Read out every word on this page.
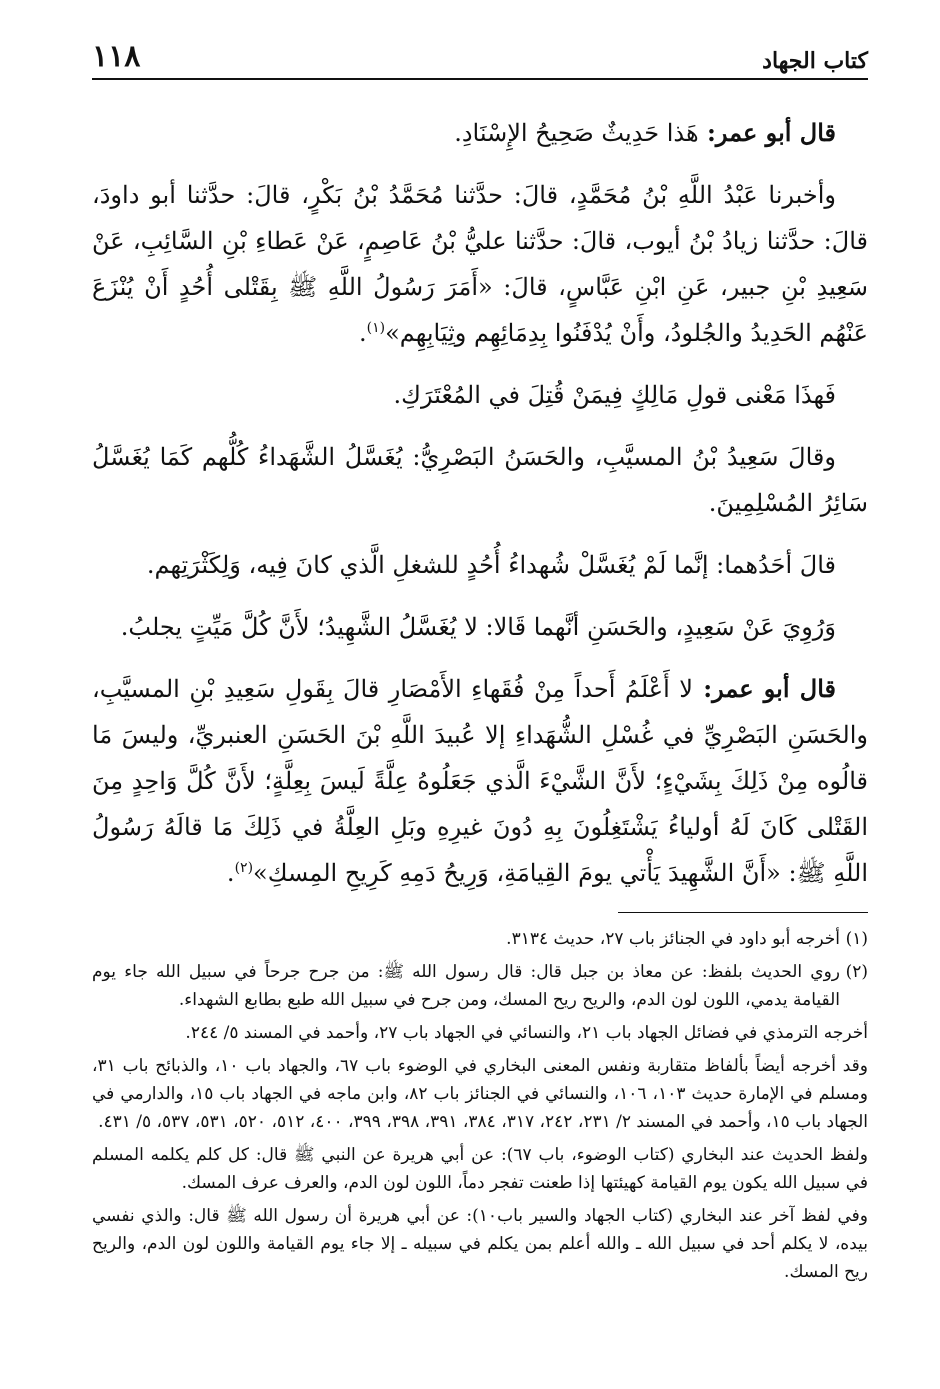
كتاب الجهاد
١١٨

قال أبو عمر: هَذا حَدِيثٌ صَحِيحُ الإِسْنَادِ.

وأخبرنا عَبْدُ اللَّهِ بْنُ مُحَمَّدٍ، قالَ: حدَّثنا مُحَمَّدُ بْنُ بَكْرٍ، قالَ: حدَّثنا أبو داودَ، قالَ: حدَّثنا زيادُ بْنُ أيوب، قالَ: حدَّثنا عليُّ بْنُ عَاصِمٍ، عَنْ عَطاءِ بْنِ السَّائِبِ، عَنْ سَعِيدِ بْنِ جبير، عَنِ ابْنِ عَبَّاسٍ، قالَ: «أَمَرَ رَسُولُ اللَّهِ ﷺ بِقَتْلى أُحُدٍ أَنْ يُنْزَعَ عَنْهُم الحَدِيدُ والجُلودُ، وأَنْ يُدْفَنُوا بِدِمَائِهِم وثِيَابِهِم»$^{(١)}$.

فَهذَا مَعْنى قولِ مَالِكٍ فِيمَنْ قُتِلَ في المُعْتَرَكِ.

وقالَ سَعِيدُ بْنُ المسيَّبِ، والحَسَنُ البَصْرِيُّ: يُغَسَّلُ الشَّهَداءُ كُلُّهم كَمَا يُغَسَّلُ سَائِرُ المُسْلِمِينَ.

قالَ أحَدُهما: إنَّما لَمْ يُغَسَّلْ شُهداءُ أُحُدٍ للشغلِ الَّذي كانَ فِيه، وَلِكَثْرَتِهم.

وَرُوِيَ عَنْ سَعِيدٍ، والحَسَنِ أنَّهما قَالا: لا يُغَسَّلُ الشَّهِيدُ؛ لأَنَّ كُلَّ مَيِّتٍ يجلبُ.

قال أبو عمر: لا أَعْلَمُ أَحداً مِنْ فُقَهاءِ الأَمْصَارِ قالَ بِقَولِ سَعِيدِ بْنِ المسيَّبِ، والحَسَنِ البَصْرِيِّ في غُسْلِ الشُّهَداءِ إلا عُبيدَ اللَّهِ بْنَ الحَسَنِ العنبريِّ، وليسَ مَا قالُوه مِنْ ذَلِكَ بِشَيْءٍ؛ لأَنَّ الشَّيْءَ الَّذي جَعَلُوهُ عِلَّةً لَيسَ بِعِلَّةٍ؛ لأَنَّ كُلَّ وَاحِدٍ مِنَ القَتْلى كَانَ لَهُ أولياءُ يَشْتَغِلُونَ بِهِ دُونَ غيرِهِ وبَلِ العِلَّةُ في ذَلِكَ مَا قالَهُ رَسُولُ اللَّهِ ﷺ: «أَنَّ الشَّهِيدَ يَأْتي يومَ القِيامَةِ، وَرِيحُ دَمِهِ كَرِيحِ المِسكِ»$^{(٢)}$.

(١)
أخرجه أبو داود في الجنائز باب ٢٧، حديث ٣١٣٤.
(٢)
روي الحديث بلفظ: عن معاذ بن جبل قال: قال رسول الله ﷺ: من جرح جرحاً في سبيل الله جاء يوم القيامة يدمي، اللون لون الدم، والريح ريح المسك، ومن جرح في سبيل الله طبع بطابع الشهداء.
أخرجه الترمذي في فضائل الجهاد باب ٢١، والنسائي في الجهاد باب ٢٧، وأحمد في المسند ٥/ ٢٤٤.
وقد أخرجه أيضاً بألفاظ متقاربة ونفس المعنى البخاري في الوضوء باب ٦٧، والجهاد باب ١٠، والذبائح باب ٣١، ومسلم في الإمارة حديث ١٠٣، ١٠٦، والنسائي في الجنائز باب ٨٢، وابن ماجه في الجهاد باب ١٥، والدارمي في الجهاد باب ١٥، وأحمد في المسند ٢/ ٢٣١، ٢٤٢، ٣١٧، ٣٨٤، ٣٩١، ٣٩٨، ٣٩٩، ٤٠٠، ٥١٢، ٥٢٠، ٥٣١، ٥٣٧، ٥/ ٤٣١.
ولفظ الحديث عند البخاري (كتاب الوضوء، باب ٦٧): عن أبي هريرة عن النبي ﷺ قال: كل كلم يكلمه المسلم في سبيل الله يكون يوم القيامة كهيئتها إذا طعنت تفجر دماً، اللون لون الدم، والعرف عرف المسك.
وفي لفظ آخر عند البخاري (كتاب الجهاد والسير باب١٠): عن أبي هريرة أن رسول الله ﷺ قال: والذي نفسي بيده، لا يكلم أحد في سبيل الله ـ والله أعلم بمن يكلم في سبيله ـ إلا جاء يوم القيامة واللون لون الدم، والريح ريح المسك.
